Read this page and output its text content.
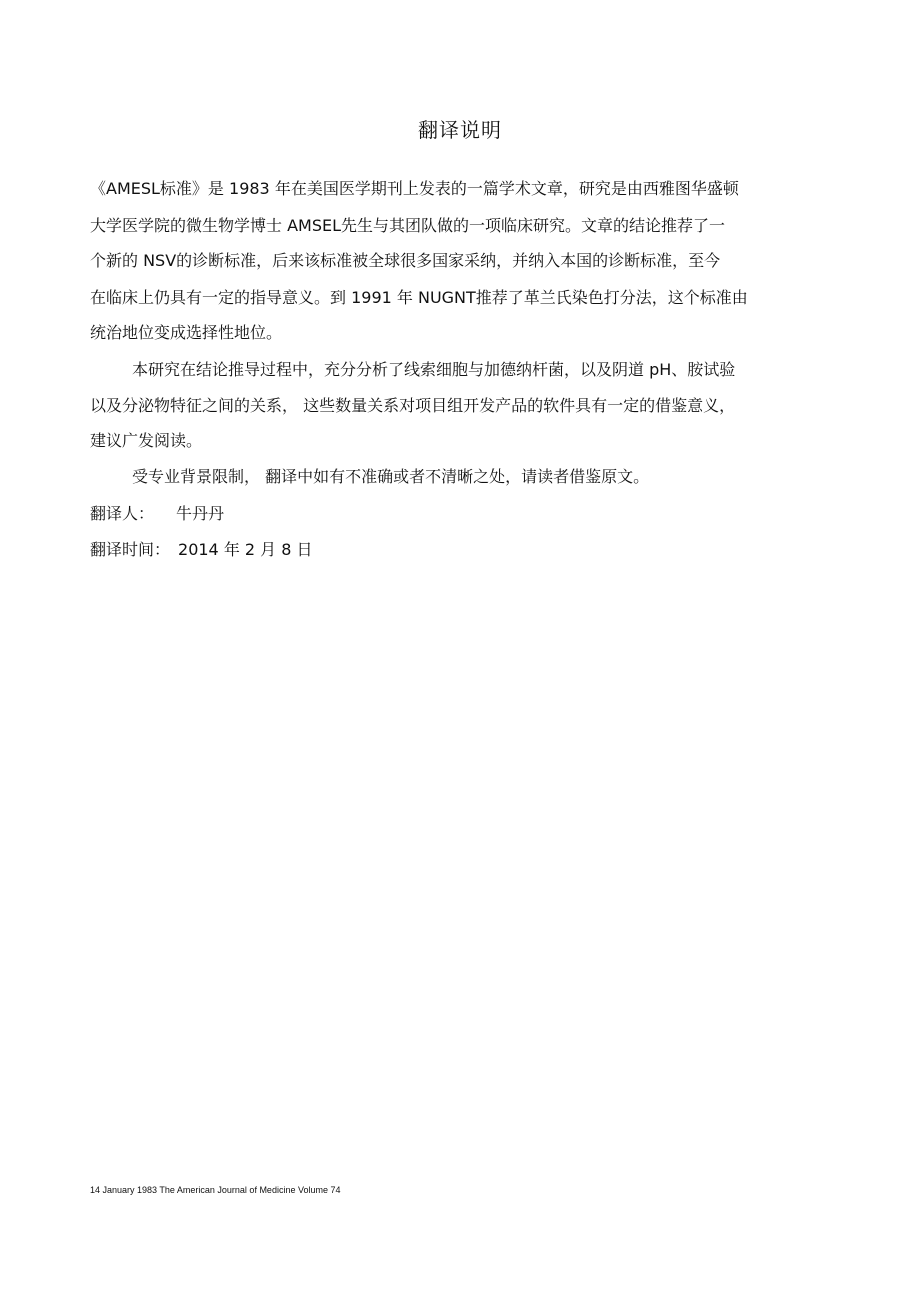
翻译说明
《AMESL标准》是 1983 年在美国医学期刊上发表的一篇学术文章，研究是由西雅图华盛顿
大学医学院的微生物学博士 AMSEL先生与其团队做的一项临床研究。文章的结论推荐了一
个新的 NSV的诊断标准，后来该标准被全球很多国家采纳，并纳入本国的诊断标准，至今
在临床上仍具有一定的指导意义。到 1991 年 NUGNT推荐了革兰氏染色打分法，这个标准由
统治地位变成选择性地位。
本研究在结论推导过程中，充分分析了线索细胞与加德纳杆菌，以及阴道 pH、胺试验
以及分泌物特征之间的关系， 这些数量关系对项目组开发产品的软件具有一定的借鉴意义，
建议广发阅读。
受专业背景限制， 翻译中如有不准确或者不清晰之处，请读者借鉴原文。
翻译人： 牛丹丹
翻译时间： 2014 年 2 月 8 日
14 January 1983 The American Journal of Medicine Volume 74
